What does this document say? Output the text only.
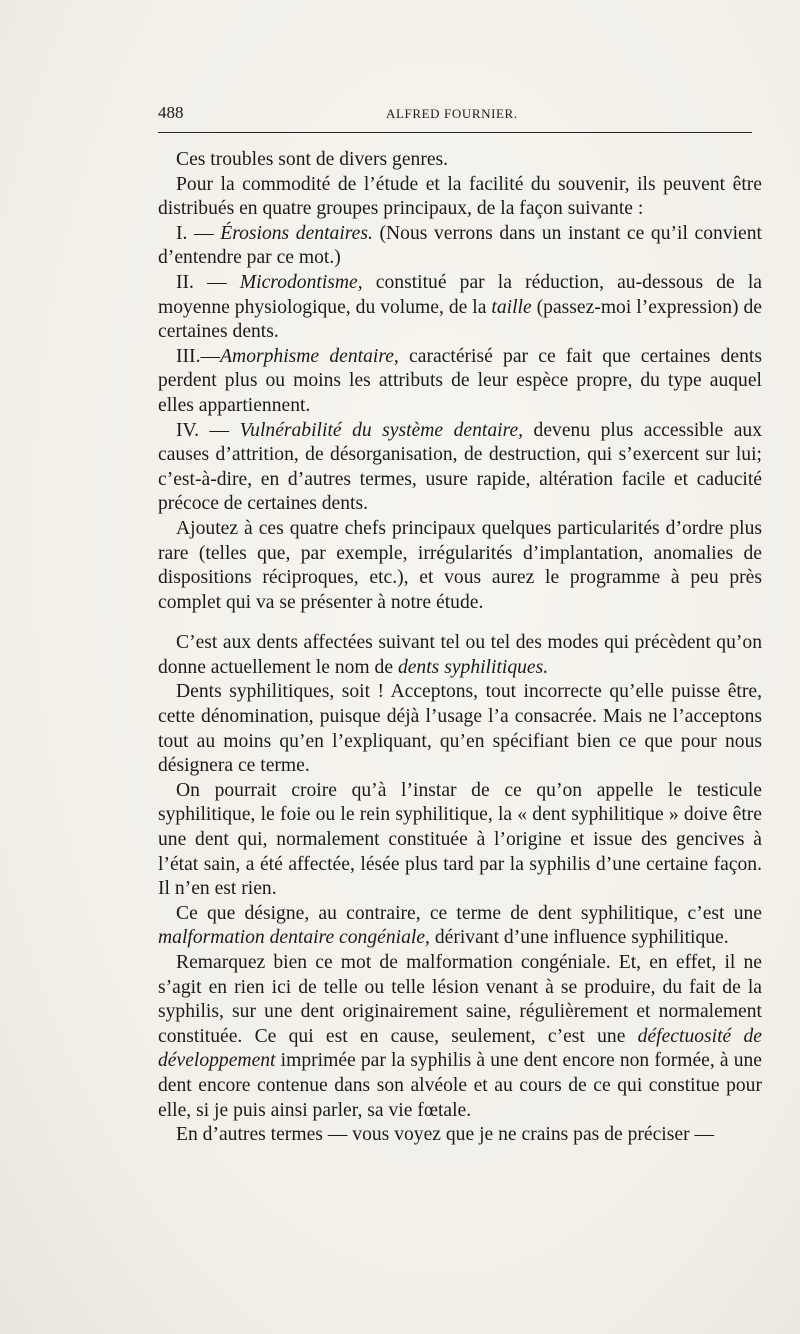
488	ALFRED FOURNIER.

Ces troubles sont de divers genres.

Pour la commodité de l’étude et la facilité du souvenir, ils peuvent être distribués en quatre groupes principaux, de la façon suivante :

I. — Érosions dentaires. (Nous verrons dans un instant ce qu’il convient d’entendre par ce mot.)

II. — Microdontisme, constitué par la réduction, au-dessous de la moyenne physiologique, du volume, de la taille (passez-moi l’expression) de certaines dents.

III.—Amorphisme dentaire, caractérisé par ce fait que certaines dents perdent plus ou moins les attributs de leur espèce propre, du type auquel elles appartiennent.

IV. — Vulnérabilité du système dentaire, devenu plus accessible aux causes d’attrition, de désorganisation, de destruction, qui s’exercent sur lui; c’est-à-dire, en d’autres termes, usure rapide, altération facile et caducité précoce de certaines dents.

Ajoutez à ces quatre chefs principaux quelques particularités d’ordre plus rare (telles que, par exemple, irrégularités d’implantation, anomalies de dispositions réciproques, etc.), et vous aurez le programme à peu près complet qui va se présenter à notre étude.

C’est aux dents affectées suivant tel ou tel des modes qui précèdent qu’on donne actuellement le nom de dents syphilitiques.

Dents syphilitiques, soit ! Acceptons, tout incorrecte qu’elle puisse être, cette dénomination, puisque déjà l’usage l’a consacrée. Mais ne l’acceptons tout au moins qu’en l’expliquant, qu’en spécifiant bien ce que pour nous désignera ce terme.

On pourrait croire qu’à l’instar de ce qu’on appelle le testicule syphilitique, le foie ou le rein syphilitique, la « dent syphilitique » doive être une dent qui, normalement constituée à l’origine et issue des gencives à l’état sain, a été affectée, lésée plus tard par la syphilis d’une certaine façon. Il n’en est rien.

Ce que désigne, au contraire, ce terme de dent syphilitique, c’est une malformation dentaire congéniale, dérivant d’une influence syphilitique.

Remarquez bien ce mot de malformation congéniale. Et, en effet, il ne s’agit en rien ici de telle ou telle lésion venant à se produire, du fait de la syphilis, sur une dent originairement saine, régulièrement et normalement constituée. Ce qui est en cause, seulement, c’est une défectuosité de développement imprimée par la syphilis à une dent encore non formée, à une dent encore contenue dans son alvéole et au cours de ce qui constitue pour elle, si je puis ainsi parler, sa vie fœtale.

En d’autres termes — vous voyez que je ne crains pas de préciser —
